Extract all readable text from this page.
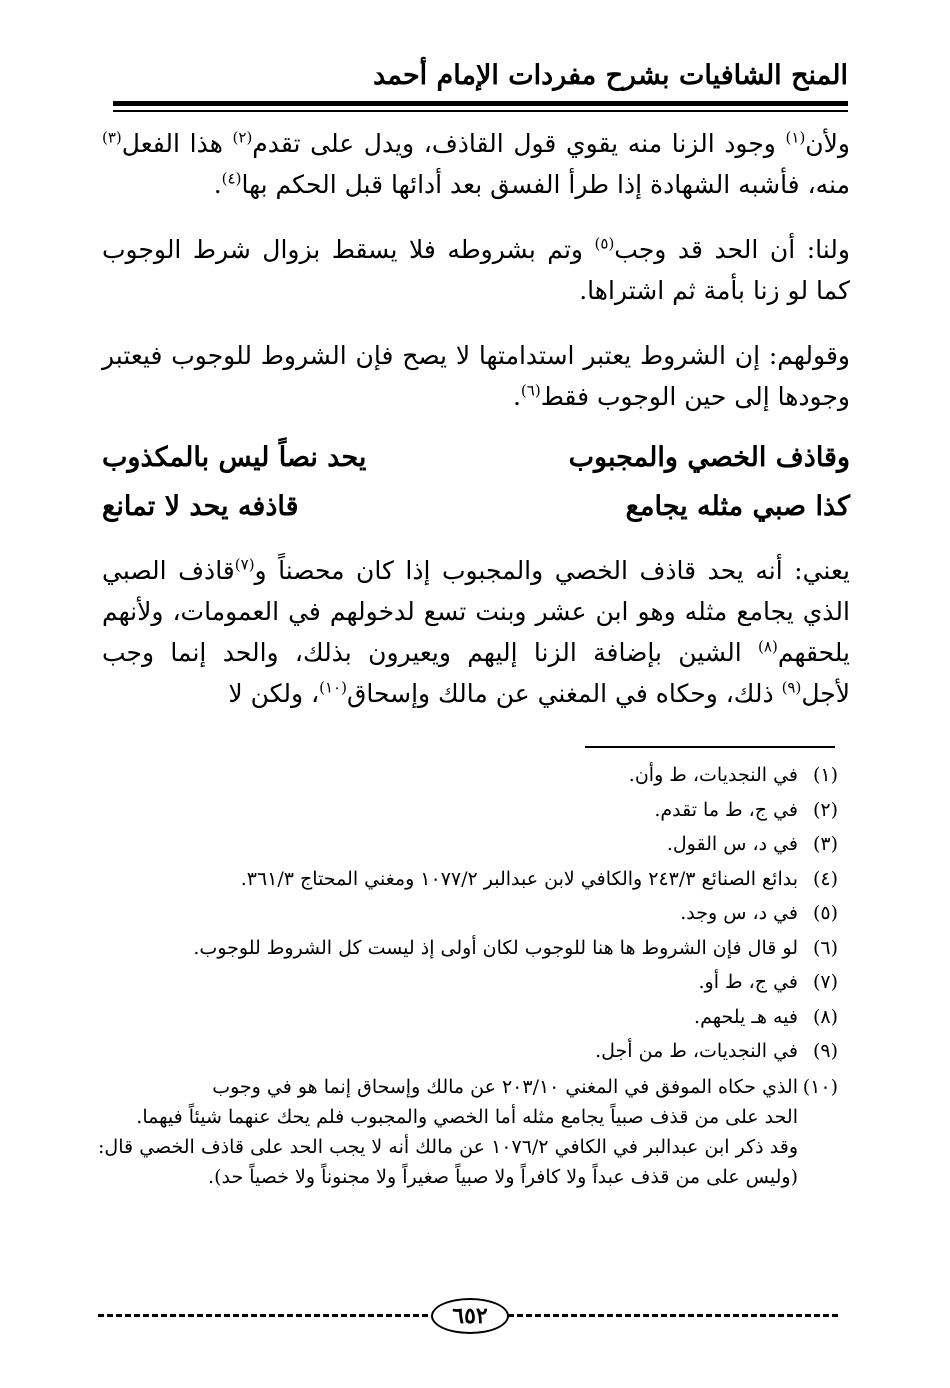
المنح الشافيات بشرح مفردات الإمام أحمد

ولأن$^{(١)}$ وجود الزنا منه يقوي قول القاذف، ويدل على تقدم$^{(٢)}$ هذا الفعل$^{(٣)}$ منه، فأشبه الشهادة إذا طرأ الفسق بعد أدائها قبل الحكم بها$^{(٤)}$.

ولنا: أن الحد قد وجب$^{(٥)}$ وتم بشروطه فلا يسقط بزوال شرط الوجوب كما لو زنا بأمة ثم اشتراها.

وقولهم: إن الشروط يعتبر استدامتها لا يصح فإن الشروط للوجوب فيعتبر وجودها إلى حين الوجوب فقط$^{(٦)}$.

وقاذف الخصي والمجبوب
يحد نصاً ليس بالمكذوب
كذا صبي مثله يجامع
قاذفه يحد لا تمانع

يعني: أنه يحد قاذف الخصي والمجبوب إذا كان محصناً و$^{(٧)}$قاذف الصبي الذي يجامع مثله وهو ابن عشر وبنت تسع لدخولهم في العمومات، ولأنهم يلحقهم$^{(٨)}$ الشين بإضافة الزنا إليهم ويعيرون بذلك، والحد إنما وجب لأجل$^{(٩)}$ ذلك، وحكاه في المغني عن مالك وإسحاق$^{(١٠)}$، ولكن لا

(١)
في النجديات، ط وأن.
(٢)
في ج، ط ما تقدم.
(٣)
في د، س القول.
(٤)
بدائع الصنائع ٢٤٣/٣ والكافي لابن عبدالبر ١٠٧٧/٢ ومغني المحتاج ٣٦١/٣.
(٥)
في د، س وجد.
(٦)
لو قال فإن الشروط ها هنا للوجوب لكان أولى إذ ليست كل الشروط للوجوب.
(٧)
في ج، ط أو.
(٨)
فيه هـ يلحهم.
(٩)
في النجديات، ط من أجل.
(١٠)
الذي حكاه الموفق في المغني ٢٠٣/١٠ عن مالك وإسحاق إنما هو في وجوب
الحد على من قذف صبياً يجامع مثله أما الخصي والمجبوب فلم يحك عنهما شيئاً فيهما.
وقد ذكر ابن عبدالبر في الكافي ١٠٧٦/٢ عن مالك أنه لا يجب الحد على قاذف الخصي قال: (وليس على من قذف عبداً ولا كافراً ولا صبياً صغيراً ولا مجنوناً ولا خصياً حد).
٦٥٢
